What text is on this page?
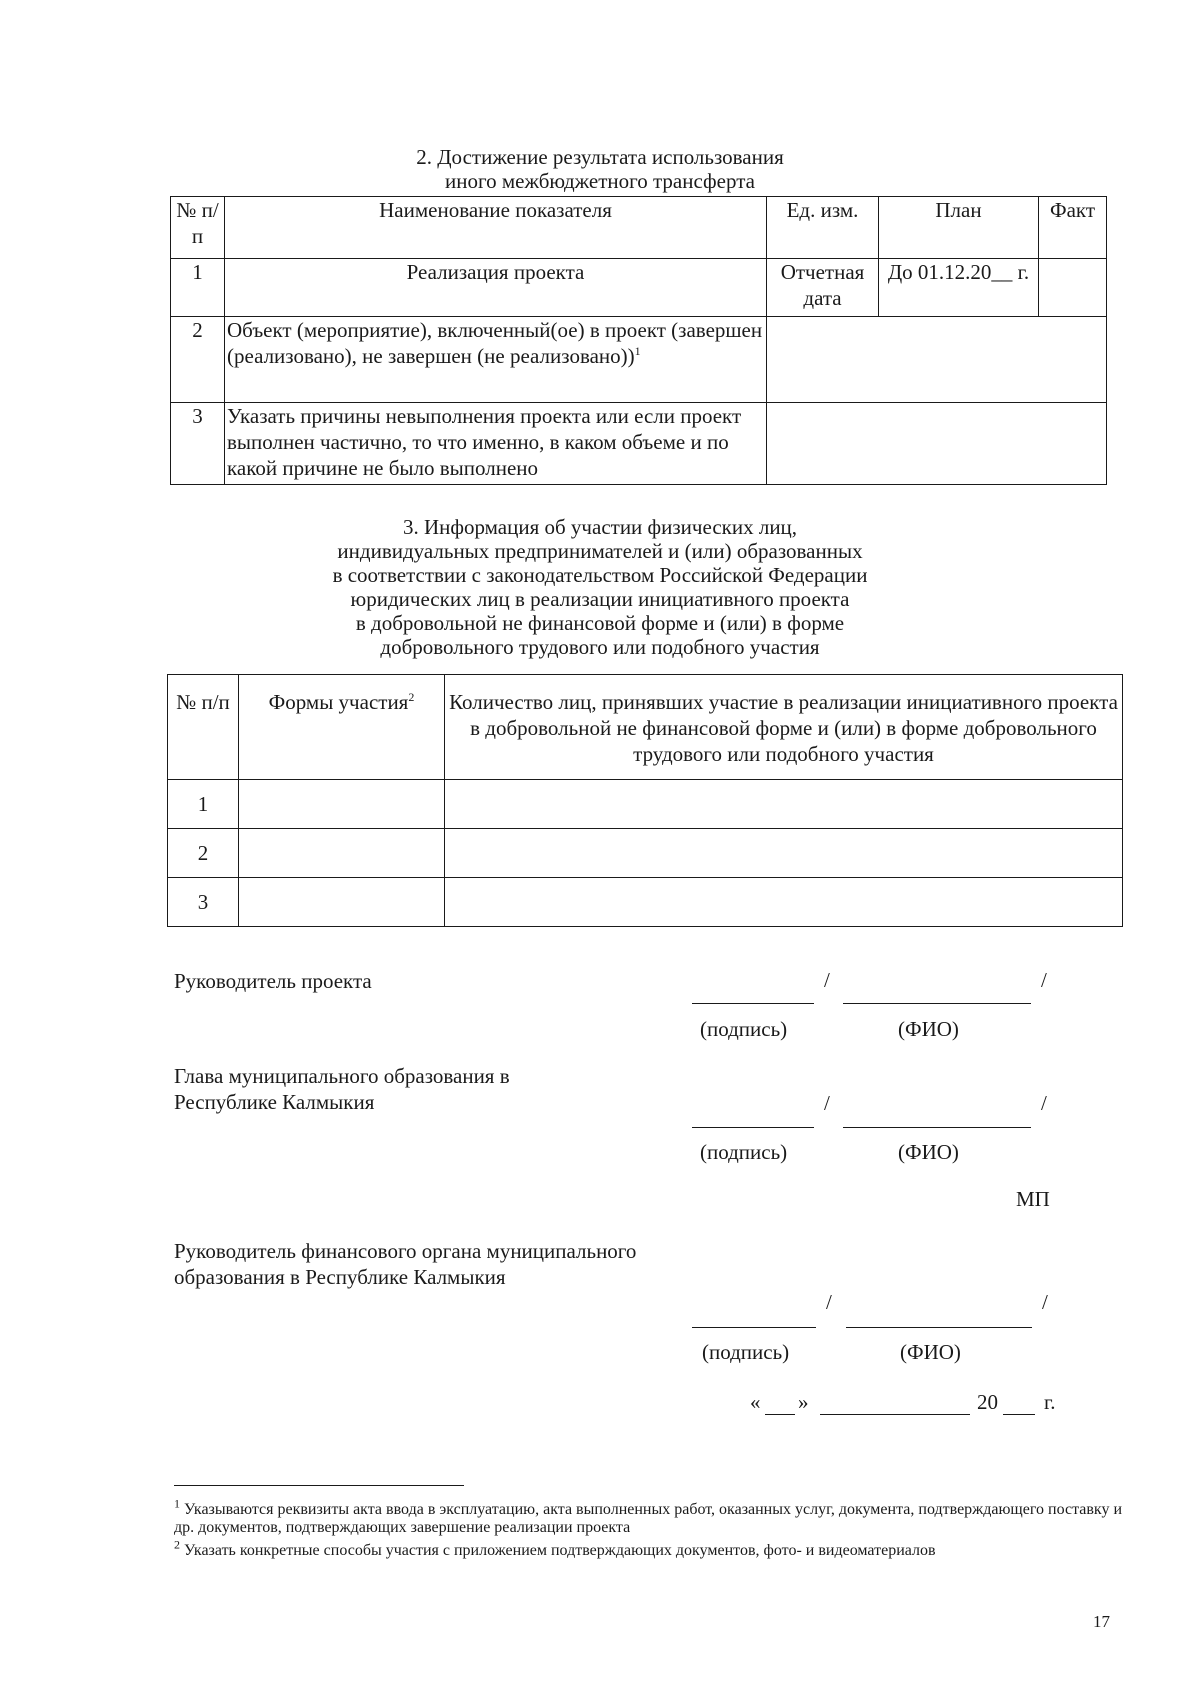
2. Достижение результата использования
иного межбюджетного трансферта
№ п/п	Наименование показателя	Ед. изм.	План	Факт
1	Реализация проекта	Отчетная дата	До 01.12.20__ г.	
2	Объект (мероприятие), включенный(ое) в проект (завершен (реализовано), не завершен (не реализовано))$^1$	
3	Указать причины невыполнения проекта или если проект выполнен частично, то что именно, в каком объеме и по какой причине не было выполнено			
3. Информация об участии физических лиц,
индивидуальных предпринимателей и (или) образованных
в соответствии с законодательством Российской Федерации
юридических лиц в реализации инициативного проекта
в добровольной не финансовой форме и (или) в форме
добровольного трудового или подобного участия
№ п/п	Формы участия$^2$	Количество лиц, принявших участие в реализации инициативного проекта в добровольной не финансовой форме и (или) в форме добровольного трудового или подобного участия
1		
2		
3		
Руководитель проекта	/	/
(подпись)	(ФИО)
Глава муниципального образования в Республике Калмыкия	/	/
(подпись)	(ФИО)
МП
Руководитель финансового органа муниципального образования в Республике Калмыкия
/	/
(подпись)	(ФИО)
« »	20 г.
$^1$ Указываются реквизиты акта ввода в эксплуатацию, акта выполненных работ, оказанных услуг, документа, подтверждающего поставку и др. документов, подтверждающих завершение реализации проекта
$^2$ Указать конкретные способы участия с приложением подтверждающих документов, фото- и видеоматериалов
17
